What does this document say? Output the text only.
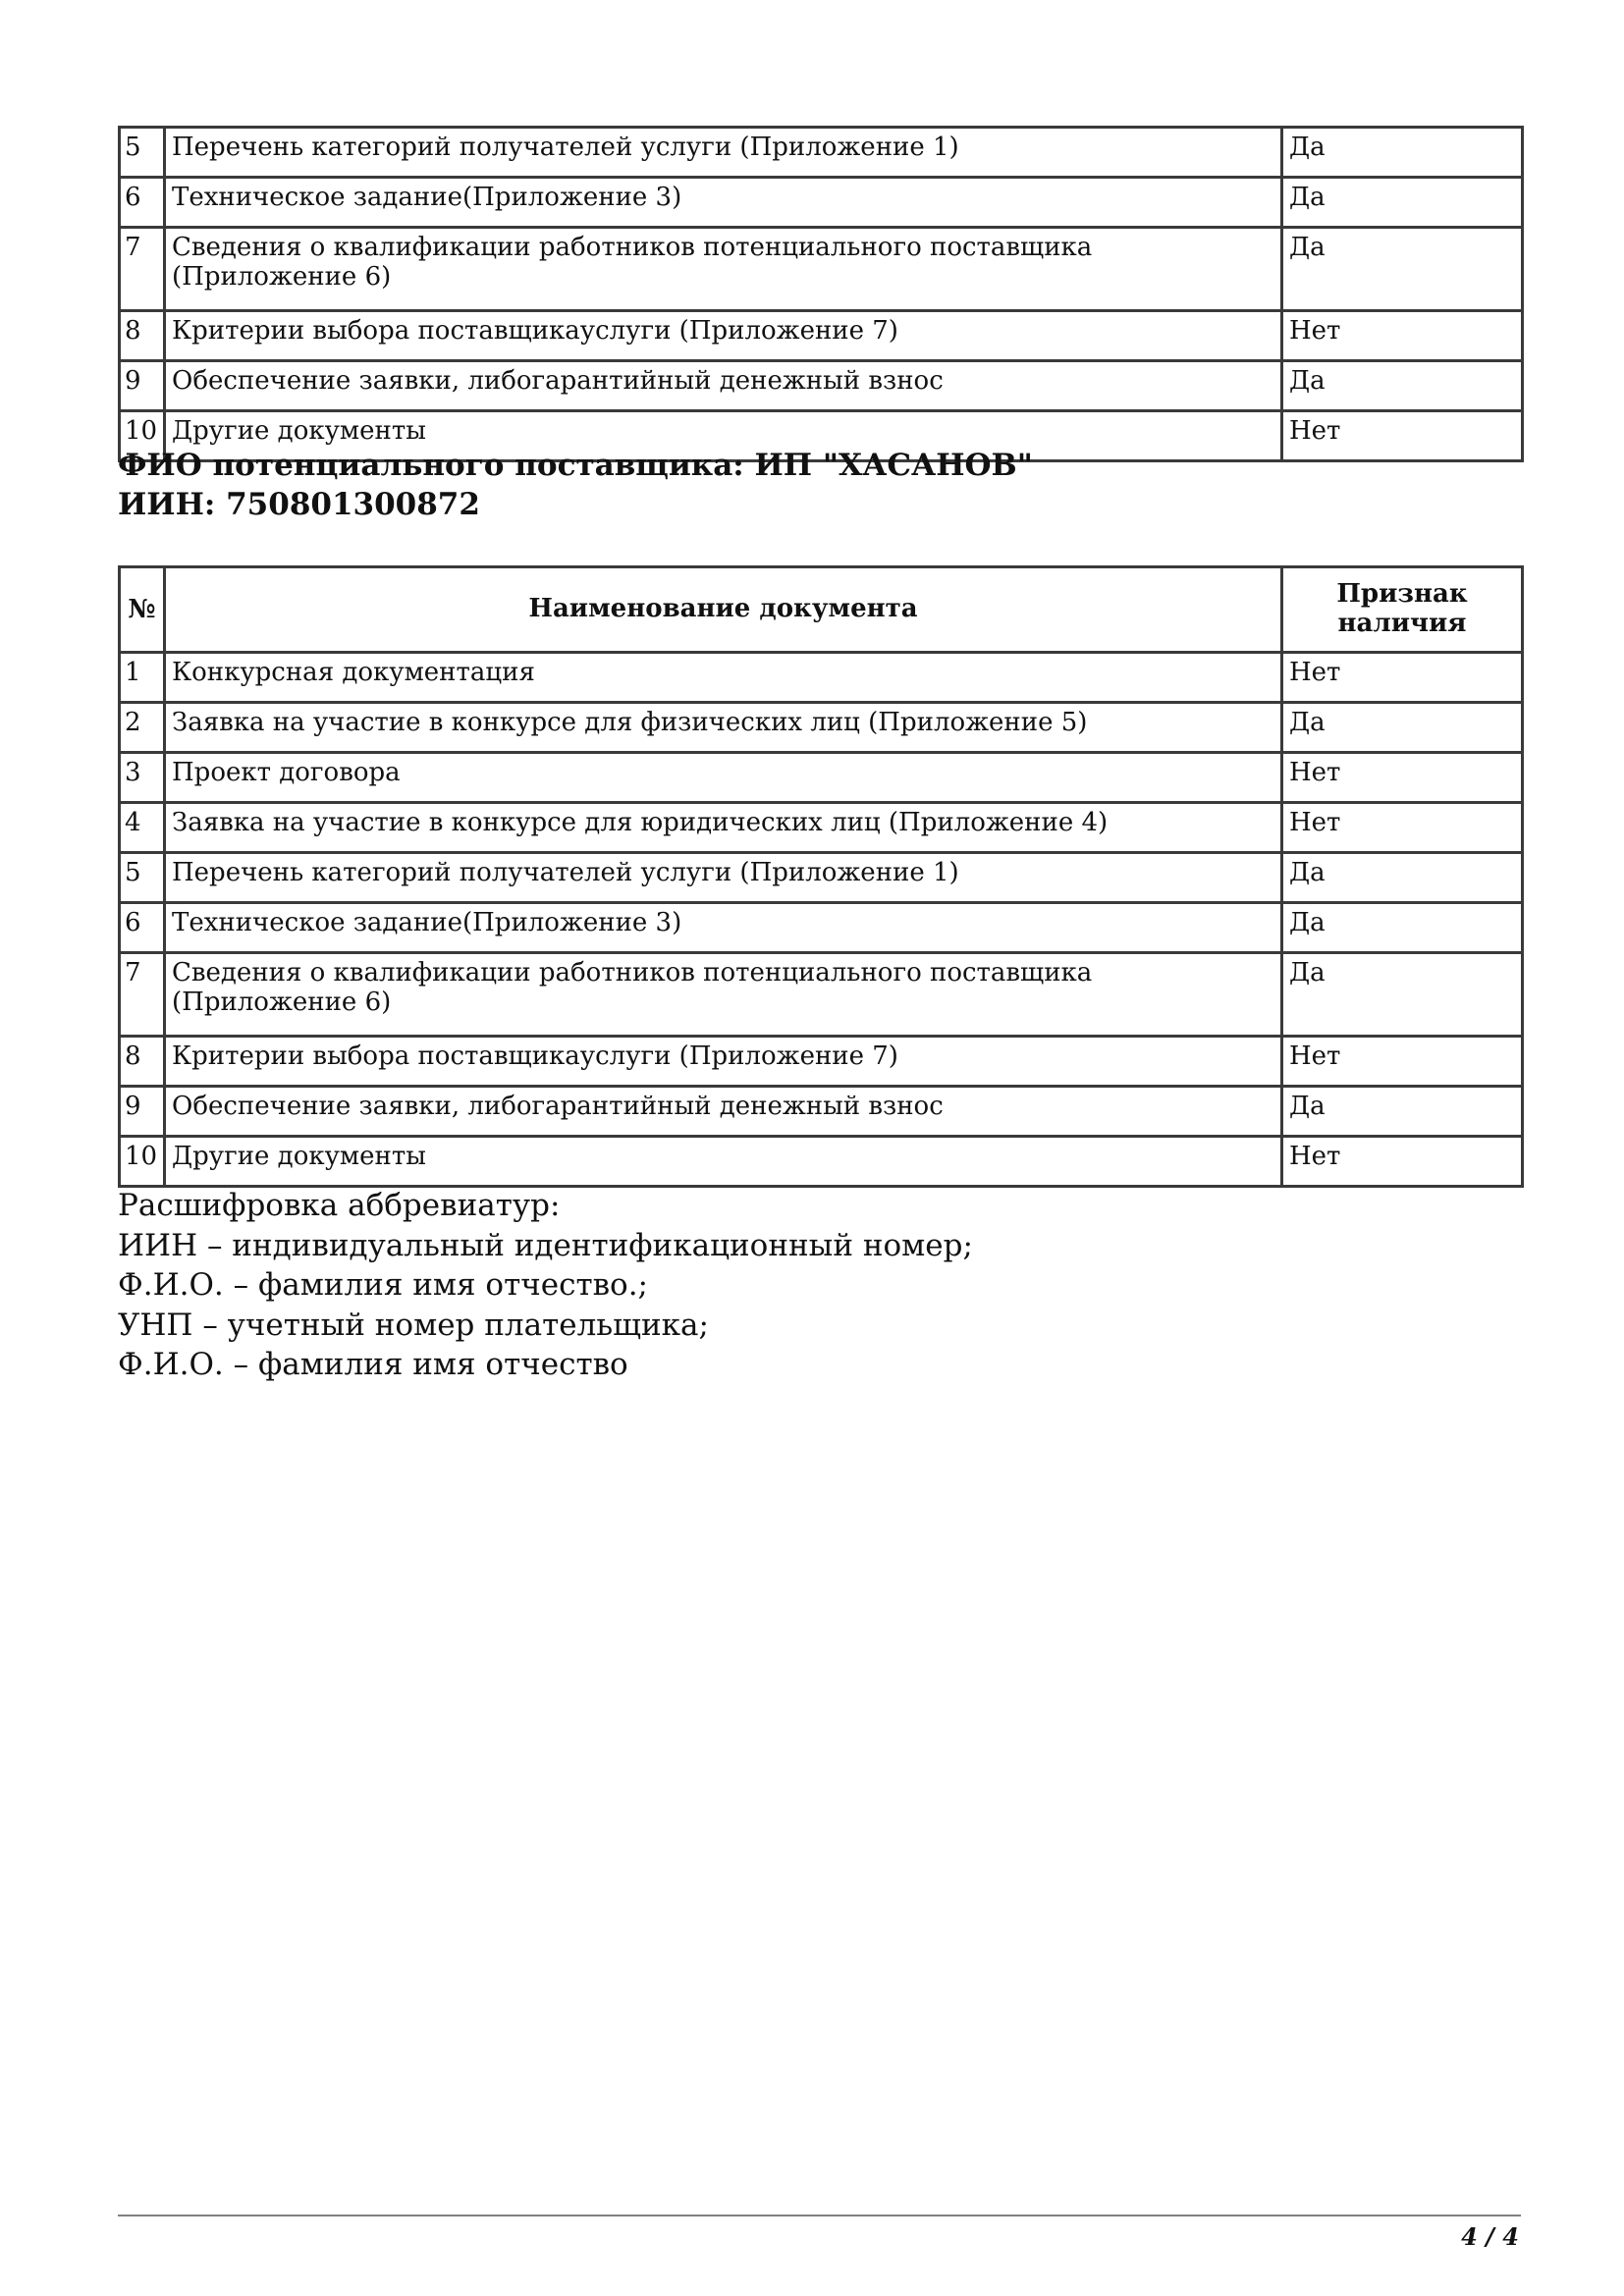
5	Перечень категорий получателей услуги (Приложение 1)	Да
6	Техническое задание(Приложение 3)	Да
7	Сведения о квалификации работников потенциального поставщика (Приложение 6)	Да
8	Критерии выбора поставщикауслуги (Приложение 7)	Нет
9	Обеспечение заявки, либогарантийный денежный взнос	Да
10	Другие документы	Нет
ФИО потенциального поставщика: ИП "ХАСАНОВ"
ИИН: 750801300872
№	Наименование документа	Признак наличия
1	Конкурсная документация	Нет
2	Заявка на участие в конкурсе для физических лиц (Приложение 5)	Да
3	Проект договора	Нет
4	Заявка на участие в конкурсе для юридических лиц (Приложение 4)	Нет
5	Перечень категорий получателей услуги (Приложение 1)	Да
6	Техническое задание(Приложение 3)	Да
7	Сведения о квалификации работников потенциального поставщика (Приложение 6)	Да
8	Критерии выбора поставщикауслуги (Приложение 7)	Нет
9	Обеспечение заявки, либогарантийный денежный взнос	Да
10	Другие документы	Нет
Расшифровка аббревиатур:
ИИН – индивидуальный идентификационный номер;
Ф.И.О. – фамилия имя отчество.;
УНП – учетный номер плательщика;
Ф.И.О. – фамилия имя отчество
4 / 4
